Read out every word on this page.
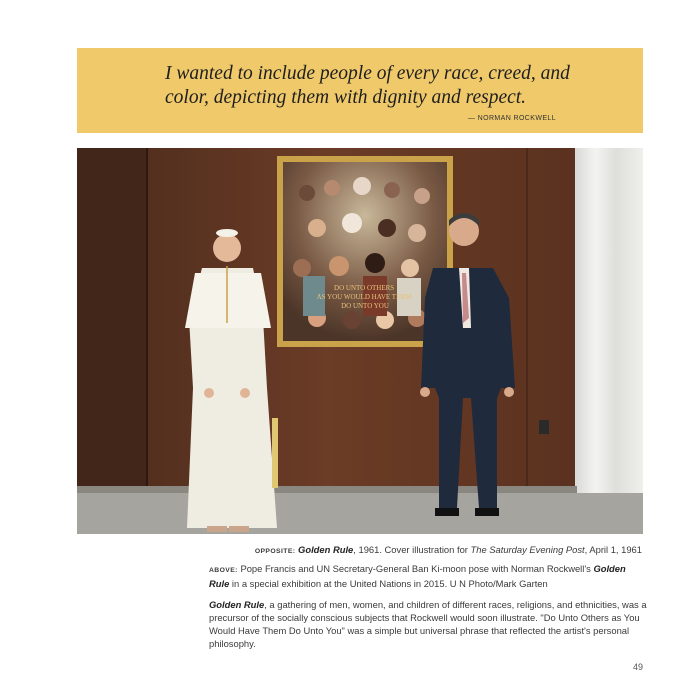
I wanted to include people of every race, creed, and
color, depicting them with dignity and respect.
— NORMAN ROCKWELL
DO UNTO OTHERS AS YOU WOULD HAVE THEM DO UNTO YOU
OPPOSITE: Golden Rule, 1961. Cover illustration for The Saturday Evening Post, April 1, 1961
ABOVE: Pope Francis and UN Secretary-General Ban Ki-moon pose with Norman Rockwell's Golden Rule in a special exhibition at the United Nations in 2015. U N Photo/Mark Garten
Golden Rule, a gathering of men, women, and children of different races, religions, and ethnicities, was a precursor of the socially conscious subjects that Rockwell would soon illustrate. "Do Unto Others as You Would Have Them Do Unto You" was a simple but universal phrase that reflected the artist's personal philosophy.
49
